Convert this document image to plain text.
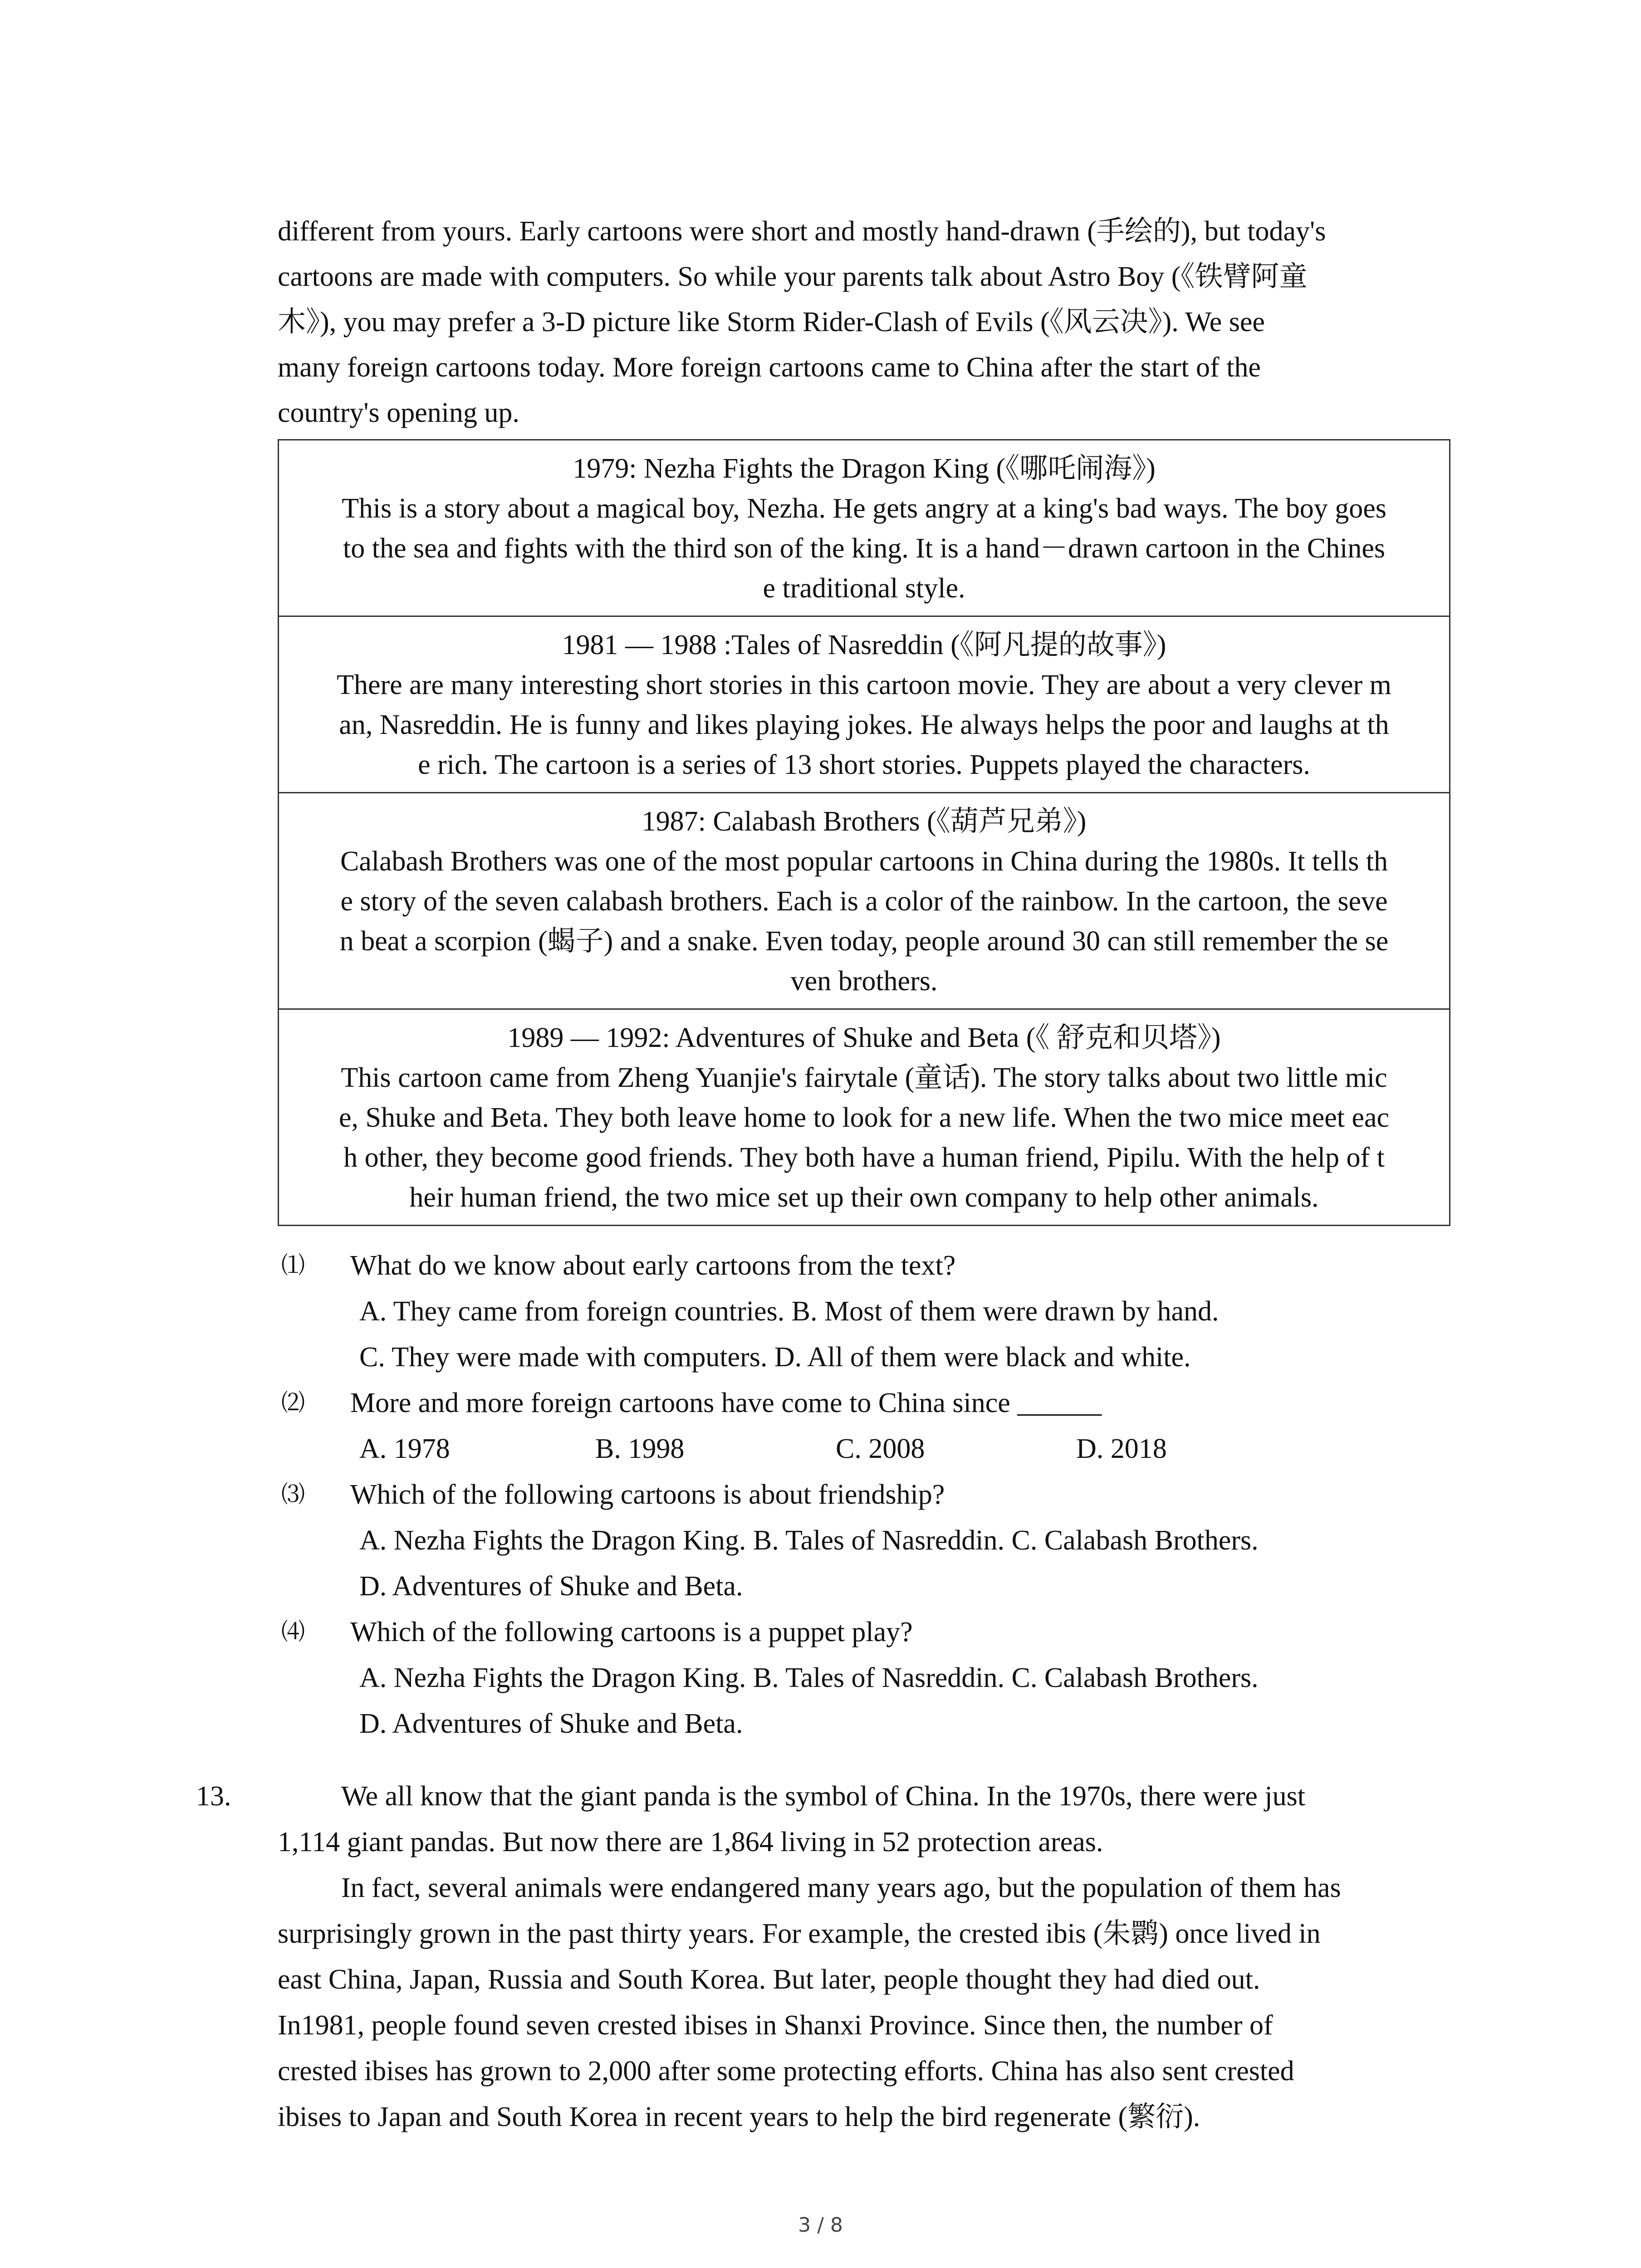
different from yours. Early cartoons were short and mostly hand-drawn (手绘的), but today's

cartoons are made with computers. So while your parents talk about Astro Boy (《铁臂阿童

木》), you may prefer a 3-D picture like Storm Rider-Clash of Evils (《风云决》). We see

many foreign cartoons today. More foreign cartoons came to China after the start of the

country's opening up.

1979: Nezha Fights the Dragon King (《哪吒闹海》)
This is a story about a magical boy, Nezha. He gets angry at a king's bad ways. The boy goes
to the sea and fights with the third son of the king. It is a hand－drawn cartoon in the Chines
e traditional style.

1981 — 1988 :Tales of Nasreddin (《阿凡提的故事》)
There are many interesting short stories in this cartoon movie. They are about a very clever m
an, Nasreddin. He is funny and likes playing jokes. He always helps the poor and laughs at th
e rich. The cartoon is a series of 13 short stories. Puppets played the characters.

1987: Calabash Brothers (《葫芦兄弟》)
Calabash Brothers was one of the most popular cartoons in China during the 1980s. It tells th
e story of the seven calabash brothers. Each is a color of the rainbow. In the cartoon, the seve
n beat a scorpion (蝎子) and a snake. Even today, people around 30 can still remember the se
ven brothers.

1989 — 1992: Adventures of Shuke and Beta (《 舒克和贝塔》)
This cartoon came from Zheng Yuanjie's fairytale (童话). The story talks about two little mic
e, Shuke and Beta. They both leave home to look for a new life. When the two mice meet eac
h other, they become good friends. They both have a human friend, Pipilu. With the help of t
heir human friend, the two mice set up their own company to help other animals.
⑴ What do we know about early cartoons from the text?
A. They came from foreign countries. B. Most of them were drawn by hand.
C. They were made with computers. D. All of them were black and white.
⑵ More and more foreign cartoons have come to China since ______
A. 1978	B. 1998	C. 2008	D. 2018
⑶ Which of the following cartoons is about friendship?
A. Nezha Fights the Dragon King. B. Tales of Nasreddin. C. Calabash Brothers.
D. Adventures of Shuke and Beta.
⑷ Which of the following cartoons is a puppet play?
A. Nezha Fights the Dragon King. B. Tales of Nasreddin. C. Calabash Brothers.
D. Adventures of Shuke and Beta.
13.	We all know that the giant panda is the symbol of China. In the 1970s, there were just
1,114 giant pandas. But now there are 1,864 living in 52 protection areas.
In fact, several animals were endangered many years ago, but the population of them has
surprisingly grown in the past thirty years. For example, the crested ibis (朱鹮) once lived in
east China, Japan, Russia and South Korea. But later, people thought they had died out.
In1981, people found seven crested ibises in Shanxi Province. Since then, the number of
crested ibises has grown to 2,000 after some protecting efforts. China has also sent crested
ibises to Japan and South Korea in recent years to help the bird regenerate (繁衍).
3 / 8
